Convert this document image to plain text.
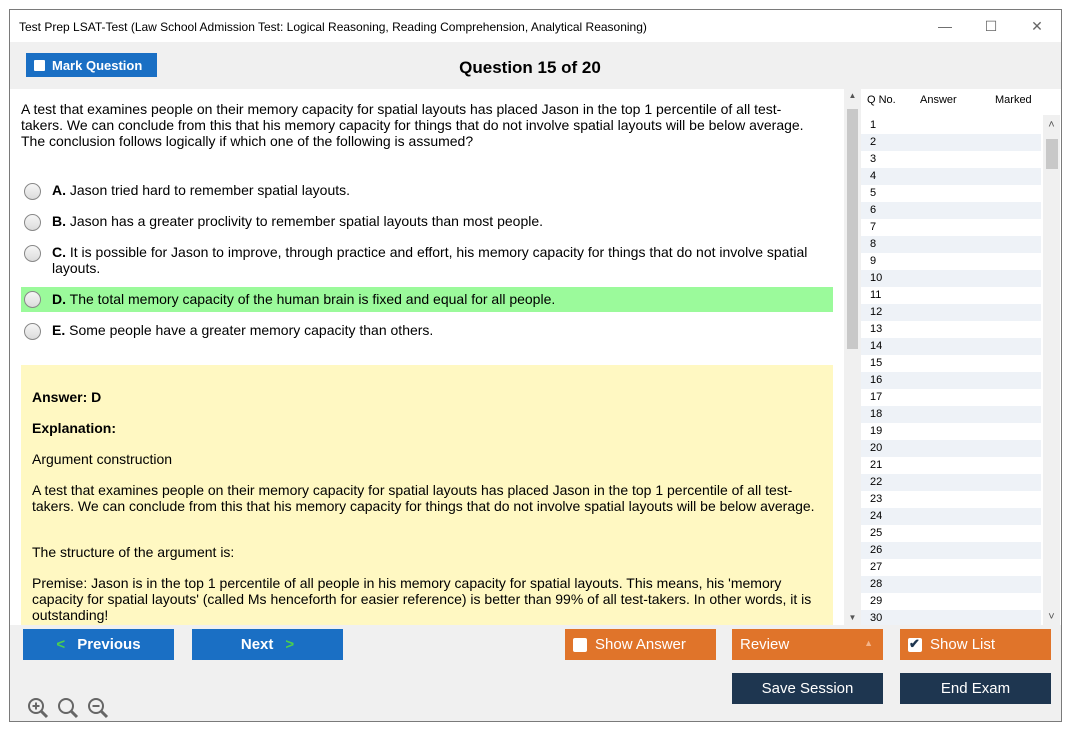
Test Prep LSAT-Test (Law School Admission Test: Logical Reasoning, Reading Comprehension, Analytical Reasoning)	—	☐	✕
Mark Question	Question 15 of 20
A test that examines people on their memory capacity for spatial layouts has placed Jason in the top 1 percentile of all test-takers. We can conclude from this that his memory capacity for things that do not involve spatial layouts will be below average. The conclusion follows logically if which one of the following is assumed?
A. Jason tried hard to remember spatial layouts.
B. Jason has a greater proclivity to remember spatial layouts than most people.
C. It is possible for Jason to improve, through practice and effort, his memory capacity for things that do not involve spatial layouts.
D. The total memory capacity of the human brain is fixed and equal for all people.
E. Some people have a greater memory capacity than others.
Answer: D
Explanation:
Argument construction
A test that examines people on their memory capacity for spatial layouts has placed Jason in the top 1 percentile of all test-takers. We can conclude from this that his memory capacity for things that do not involve spatial layouts will be below average.
The structure of the argument is:
Premise: Jason is in the top 1 percentile of all people in his memory capacity for spatial layouts. This means, his 'memory capacity for spatial layouts' (called Ms henceforth for easier reference) is better than 99% of all test-takers. In other words, it is outstanding!
▲
▼
Q No. Answer	Marked
1
2
3
4
5
6
7
8
9
10
11
12
13
14
15
16
17
18
19
20
21
22
23
24
25
26
27
28
29
30
˄
˅
< Previous	Next >	Show Answer	Review	▲
✔	Show List
Save Session	End Exam
